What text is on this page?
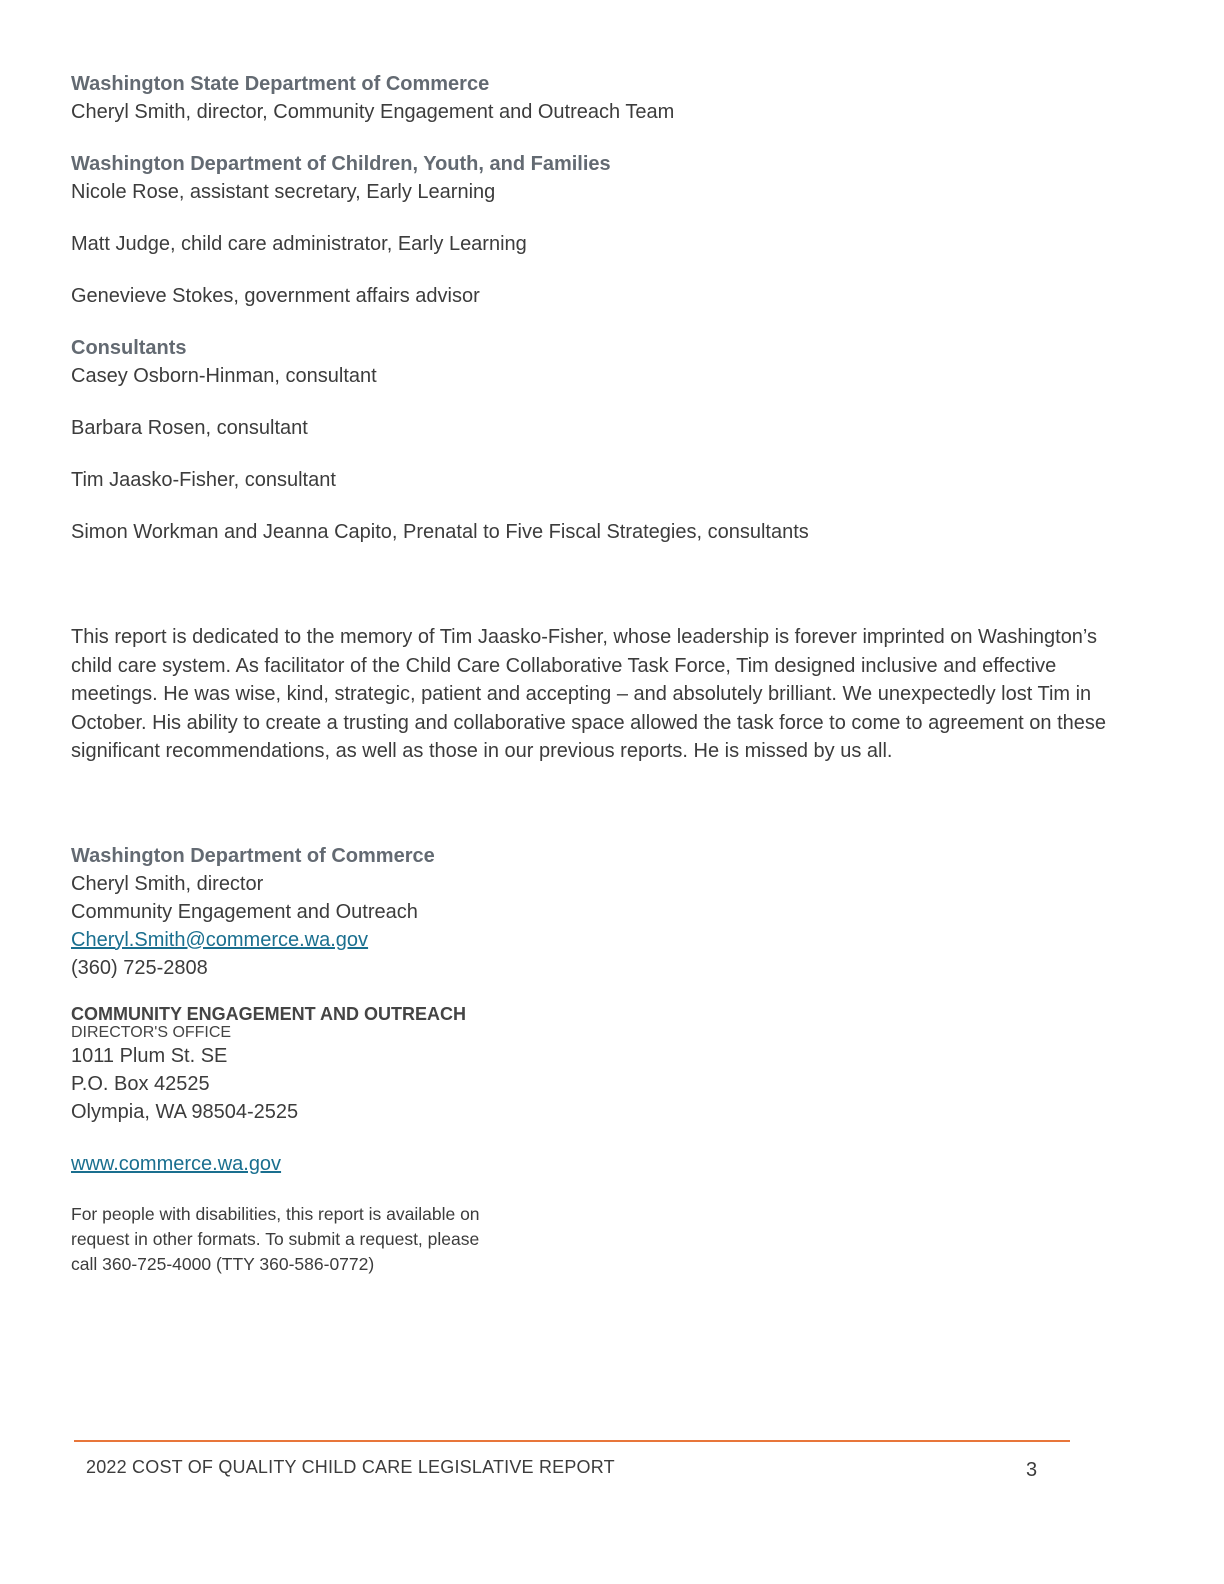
Washington State Department of Commerce

Cheryl Smith, director, Community Engagement and Outreach Team

Washington Department of Children, Youth, and Families

Nicole Rose, assistant secretary, Early Learning

Matt Judge, child care administrator, Early Learning

Genevieve Stokes, government affairs advisor

Consultants

Casey Osborn-Hinman, consultant

Barbara Rosen, consultant

Tim Jaasko-Fisher, consultant

Simon Workman and Jeanna Capito, Prenatal to Five Fiscal Strategies, consultants

This report is dedicated to the memory of Tim Jaasko-Fisher, whose leadership is forever imprinted on Washington’s child care system. As facilitator of the Child Care Collaborative Task Force, Tim designed inclusive and effective meetings. He was wise, kind, strategic, patient and accepting – and absolutely brilliant. We unexpectedly lost Tim in October. His ability to create a trusting and collaborative space allowed the task force to come to agreement on these significant recommendations, as well as those in our previous reports. He is missed by us all.

Washington Department of Commerce

Cheryl Smith, director

Community Engagement and Outreach

Cheryl.Smith@commerce.wa.gov

(360) 725-2808

COMMUNITY ENGAGEMENT AND OUTREACH

DIRECTOR'S OFFICE

1011 Plum St. SE

P.O. Box 42525

Olympia, WA 98504-2525

www.commerce.wa.gov

For people with disabilities, this report is available on

request in other formats. To submit a request, please

call 360-725-4000 (TTY 360-586-0772)

2022 COST OF QUALITY CHILD CARE LEGISLATIVE REPORT	3
